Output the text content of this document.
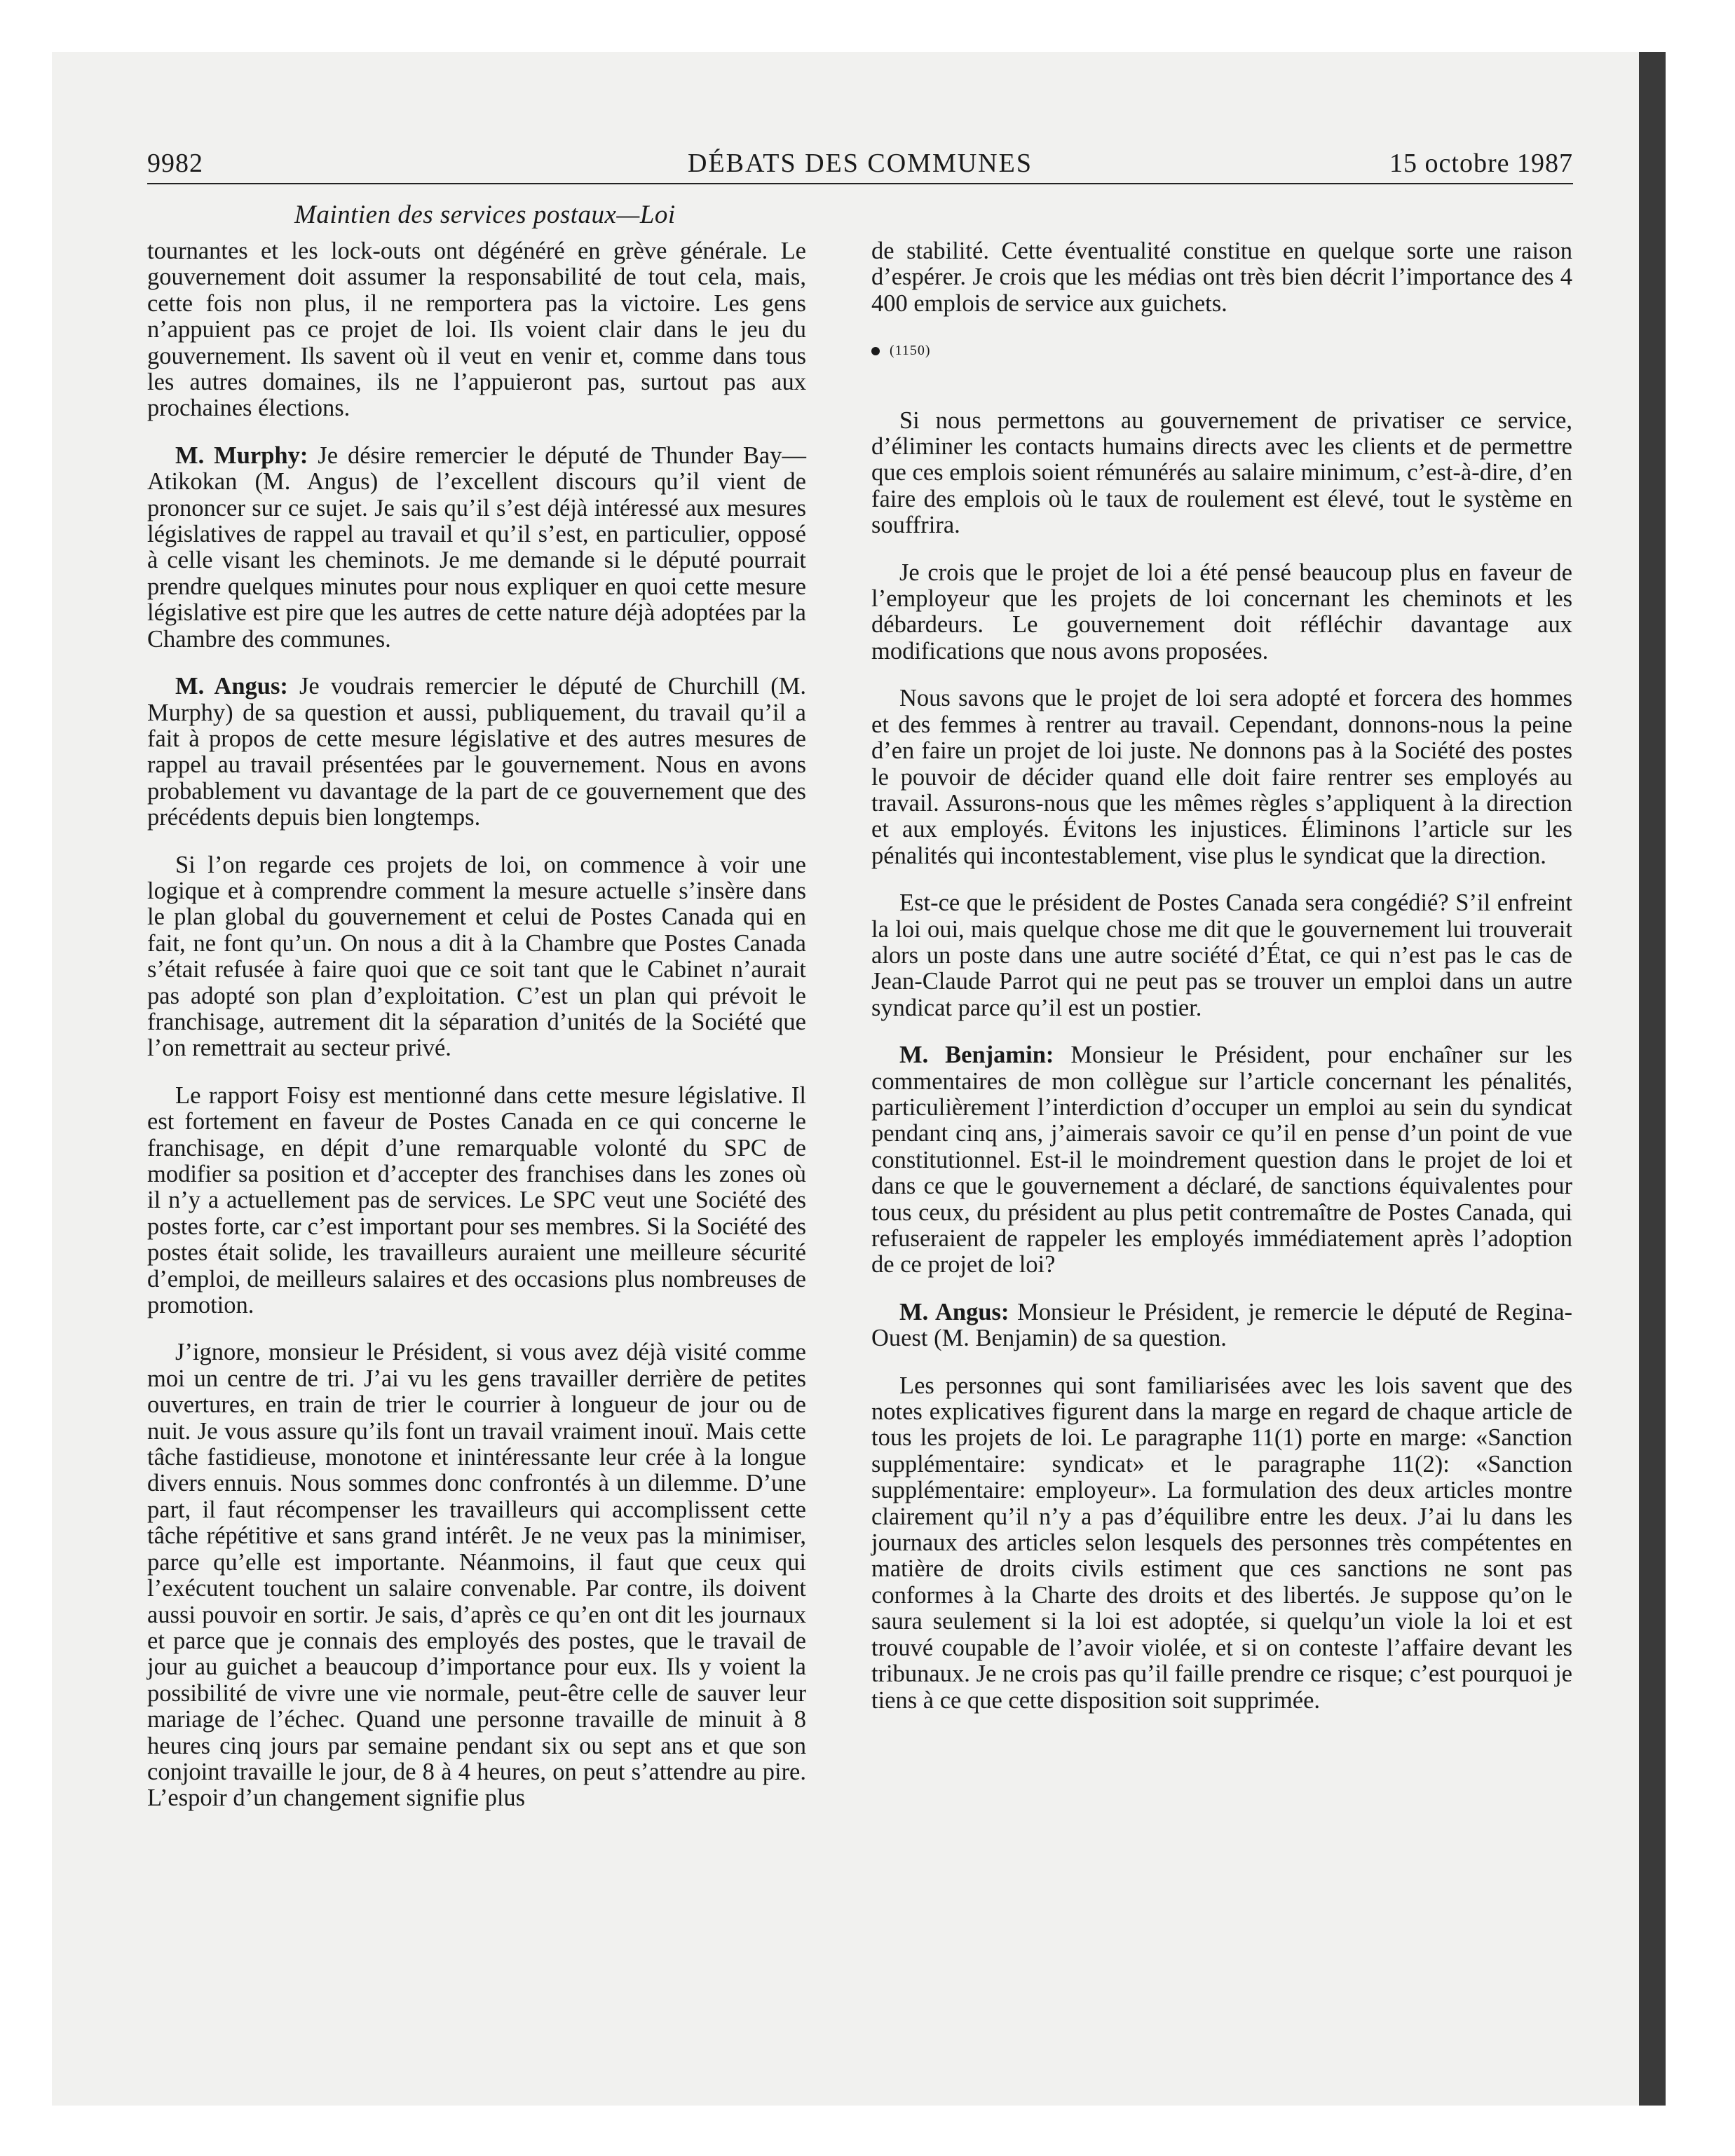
9982	DÉBATS DES COMMUNES	15 octobre 1987
Maintien des services postaux—Loi

tournantes et les lock-outs ont dégénéré en grève générale. Le gouvernement doit assumer la responsabilité de tout cela, mais, cette fois non plus, il ne remportera pas la victoire. Les gens n’appuient pas ce projet de loi. Ils voient clair dans le jeu du gouvernement. Ils savent où il veut en venir et, comme dans tous les autres domaines, ils ne l’appuieront pas, surtout pas aux prochaines élections.

M. Murphy: Je désire remercier le député de Thunder Bay—Atikokan (M. Angus) de l’excellent discours qu’il vient de prononcer sur ce sujet. Je sais qu’il s’est déjà intéressé aux mesures législatives de rappel au travail et qu’il s’est, en particulier, opposé à celle visant les cheminots. Je me demande si le député pourrait prendre quelques minutes pour nous expliquer en quoi cette mesure législative est pire que les autres de cette nature déjà adoptées par la Chambre des communes.

M. Angus: Je voudrais remercier le député de Churchill (M. Murphy) de sa question et aussi, publiquement, du travail qu’il a fait à propos de cette mesure législative et des autres mesures de rappel au travail présentées par le gouvernement. Nous en avons probablement vu davantage de la part de ce gouvernement que des précédents depuis bien longtemps.

Si l’on regarde ces projets de loi, on commence à voir une logique et à comprendre comment la mesure actuelle s’insère dans le plan global du gouvernement et celui de Postes Canada qui en fait, ne font qu’un. On nous a dit à la Chambre que Postes Canada s’était refusée à faire quoi que ce soit tant que le Cabinet n’aurait pas adopté son plan d’exploitation. C’est un plan qui prévoit le franchisage, autrement dit la séparation d’unités de la Société que l’on remettrait au secteur privé.

Le rapport Foisy est mentionné dans cette mesure législative. Il est fortement en faveur de Postes Canada en ce qui concerne le franchisage, en dépit d’une remarquable volonté du SPC de modifier sa position et d’accepter des franchises dans les zones où il n’y a actuellement pas de services. Le SPC veut une Société des postes forte, car c’est important pour ses membres. Si la Société des postes était solide, les travailleurs auraient une meilleure sécurité d’emploi, de meilleurs salaires et des occasions plus nombreuses de promotion.

J’ignore, monsieur le Président, si vous avez déjà visité comme moi un centre de tri. J’ai vu les gens travailler derrière de petites ouvertures, en train de trier le courrier à longueur de jour ou de nuit. Je vous assure qu’ils font un travail vraiment inouï. Mais cette tâche fastidieuse, monotone et inintéressante leur crée à la longue divers ennuis. Nous sommes donc confrontés à un dilemme. D’une part, il faut récompenser les travailleurs qui accomplissent cette tâche répétitive et sans grand intérêt. Je ne veux pas la minimiser, parce qu’elle est importante. Néanmoins, il faut que ceux qui l’exécutent touchent un salaire convenable. Par contre, ils doivent aussi pouvoir en sortir. Je sais, d’après ce qu’en ont dit les journaux et parce que je connais des employés des postes, que le travail de jour au guichet a beaucoup d’importance pour eux. Ils y voient la possibilité de vivre une vie normale, peut-être celle de sauver leur mariage de l’échec. Quand une personne travaille de minuit à 8 heures cinq jours par semaine pendant six ou sept ans et que son conjoint travaille le jour, de 8 à 4 heures, on peut s’attendre au pire. L’espoir d’un changement signifie plus

de stabilité. Cette éventualité constitue en quelque sorte une raison d’espérer. Je crois que les médias ont très bien décrit l’importance des 4 400 emplois de service aux guichets.

(1150)

Si nous permettons au gouvernement de privatiser ce service, d’éliminer les contacts humains directs avec les clients et de permettre que ces emplois soient rémunérés au salaire minimum, c’est-à-dire, d’en faire des emplois où le taux de roulement est élevé, tout le système en souffrira.

Je crois que le projet de loi a été pensé beaucoup plus en faveur de l’employeur que les projets de loi concernant les cheminots et les débardeurs. Le gouvernement doit réfléchir davantage aux modifications que nous avons proposées.

Nous savons que le projet de loi sera adopté et forcera des hommes et des femmes à rentrer au travail. Cependant, donnons-nous la peine d’en faire un projet de loi juste. Ne donnons pas à la Société des postes le pouvoir de décider quand elle doit faire rentrer ses employés au travail. Assurons-nous que les mêmes règles s’appliquent à la direction et aux employés. Évitons les injustices. Éliminons l’article sur les pénalités qui incontestablement, vise plus le syndicat que la direction.

Est-ce que le président de Postes Canada sera congédié? S’il enfreint la loi oui, mais quelque chose me dit que le gouvernement lui trouverait alors un poste dans une autre société d’État, ce qui n’est pas le cas de Jean-Claude Parrot qui ne peut pas se trouver un emploi dans un autre syndicat parce qu’il est un postier.

M. Benjamin: Monsieur le Président, pour enchaîner sur les commentaires de mon collègue sur l’article concernant les pénalités, particulièrement l’interdiction d’occuper un emploi au sein du syndicat pendant cinq ans, j’aimerais savoir ce qu’il en pense d’un point de vue constitutionnel. Est-il le moindrement question dans le projet de loi et dans ce que le gouvernement a déclaré, de sanctions équivalentes pour tous ceux, du président au plus petit contremaître de Postes Canada, qui refuseraient de rappeler les employés immédiatement après l’adoption de ce projet de loi?

M. Angus: Monsieur le Président, je remercie le député de Regina-Ouest (M. Benjamin) de sa question.

Les personnes qui sont familiarisées avec les lois savent que des notes explicatives figurent dans la marge en regard de chaque article de tous les projets de loi. Le paragraphe 11(1) porte en marge: «Sanction supplémentaire: syndicat» et le paragraphe 11(2): «Sanction supplémentaire: employeur». La formulation des deux articles montre clairement qu’il n’y a pas d’équilibre entre les deux. J’ai lu dans les journaux des articles selon lesquels des personnes très compétentes en matière de droits civils estiment que ces sanctions ne sont pas conformes à la Charte des droits et des libertés. Je suppose qu’on le saura seulement si la loi est adoptée, si quelqu’un viole la loi et est trouvé coupable de l’avoir violée, et si on conteste l’affaire devant les tribunaux. Je ne crois pas qu’il faille prendre ce risque; c’est pourquoi je tiens à ce que cette disposition soit supprimée.
